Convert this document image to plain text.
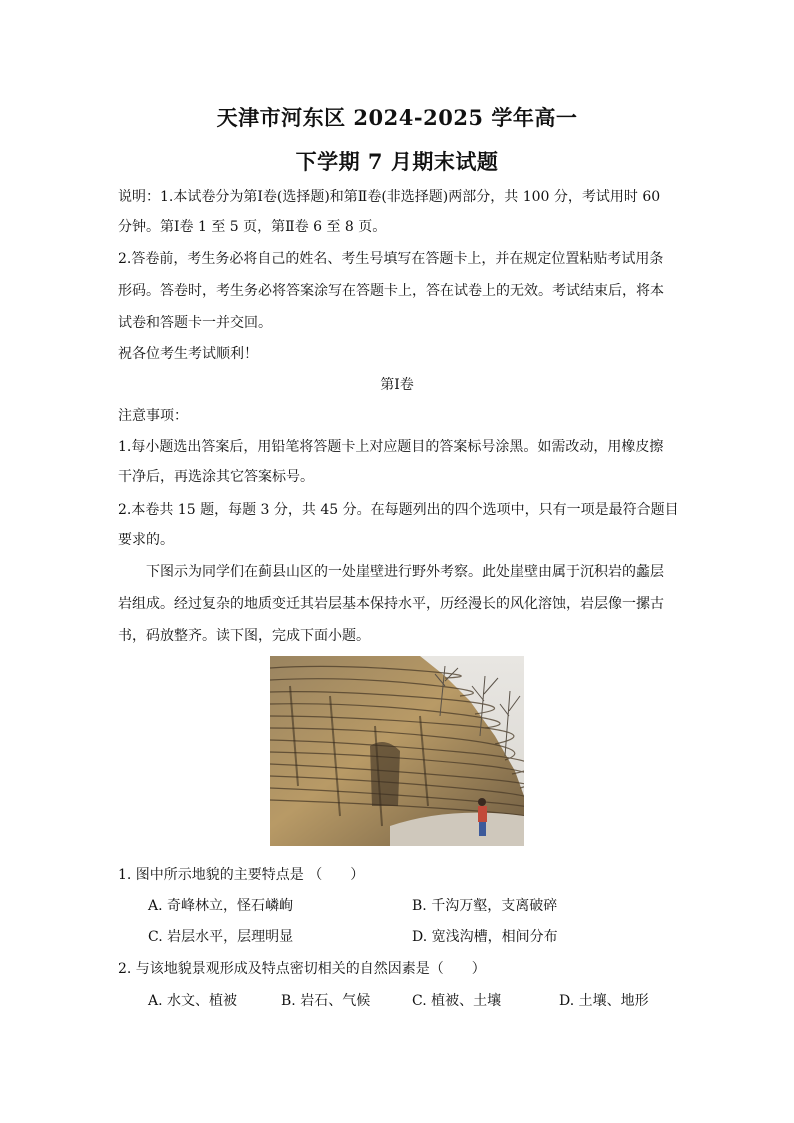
天津市河东区 2024-2025 学年高一
下学期 7 月期末试题
说明：1.本试卷分为第Ⅰ卷(选择题)和第Ⅱ卷(非选择题)两部分，共 100 分，考试用时 60
分钟。第Ⅰ卷 1 至 5 页，第Ⅱ卷 6 至 8 页。
2.答卷前，考生务必将自己的姓名、考生号填写在答题卡上，并在规定位置粘贴考试用条
形码。答卷时，考生务必将答案涂写在答题卡上，答在试卷上的无效。考试结束后，将本
试卷和答题卡一并交回。
祝各位考生考试顺利！
第Ⅰ卷
注意事项：
1.每小题选出答案后，用铅笔将答题卡上对应题目的答案标号涂黑。如需改动，用橡皮擦
干净后，再选涂其它答案标号。
2.本卷共 15 题，每题 3 分，共 45 分。在每题列出的四个选项中，只有一项是最符合题目
要求的。
下图示为同学们在蓟县山区的一处崖壁进行野外考察。此处崖壁由属于沉积岩的蠡层
岩组成。经过复杂的地质变迁其岩层基本保持水平，历经漫长的风化溶蚀，岩层像一摞古
书，码放整齐。读下图，完成下面小题。
1. 图中所示地貌的主要特点是 （　　）
A. 奇峰林立，怪石嶙峋	B. 千沟万壑，支离破碎
C. 岩层水平，层理明显	D. 宽浅沟槽，相间分布
2. 与该地貌景观形成及特点密切相关的自然因素是（　　）
A. 水文、植被	B. 岩石、气候	C. 植被、土壤	D. 土壤、地形
